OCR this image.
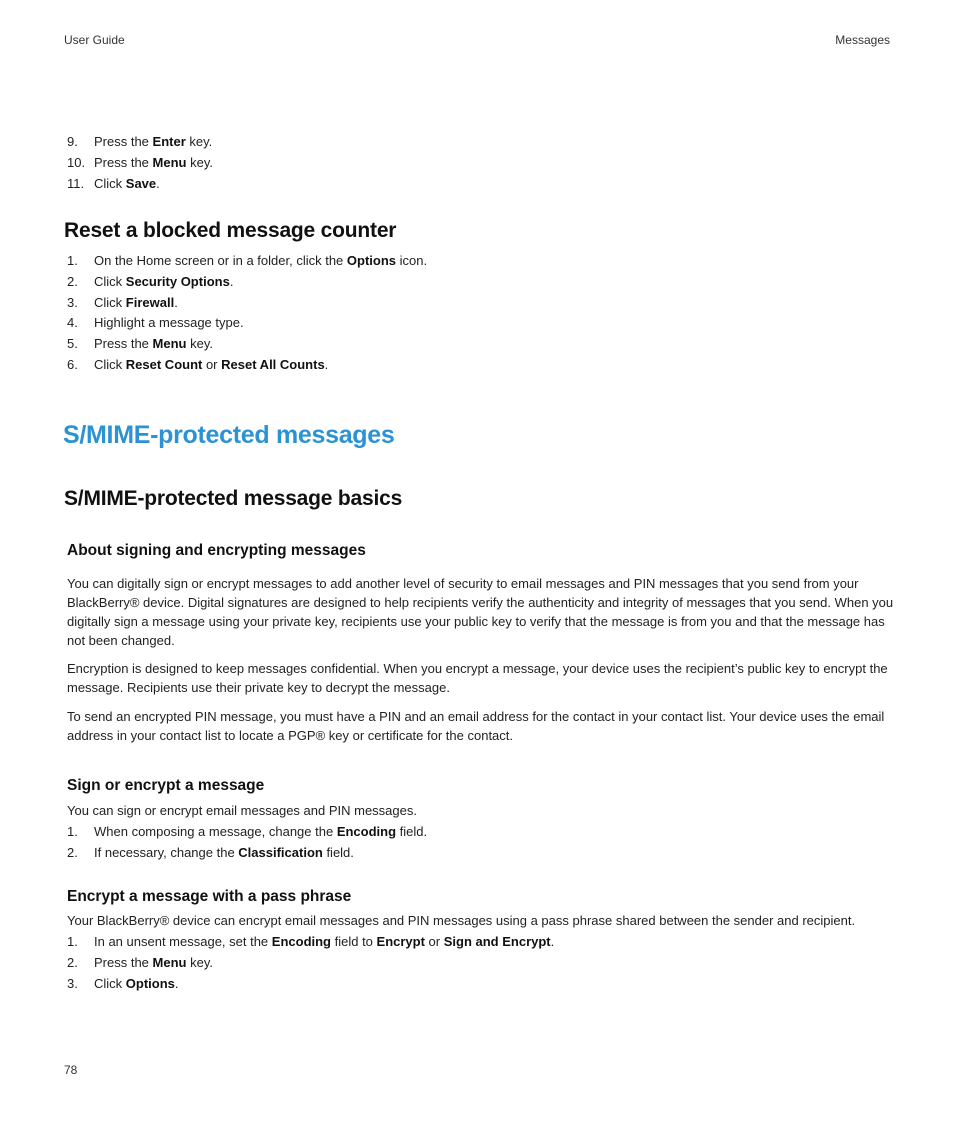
User Guide	Messages
9. Press the Enter key.
10. Press the Menu key.
11. Click Save.
Reset a blocked message counter
1. On the Home screen or in a folder, click the Options icon.
2. Click Security Options.
3. Click Firewall.
4. Highlight a message type.
5. Press the Menu key.
6. Click Reset Count or Reset All Counts.
S/MIME-protected messages
S/MIME-protected message basics
About signing and encrypting messages

You can digitally sign or encrypt messages to add another level of security to email messages and PIN messages that you send from your BlackBerry® device. Digital signatures are designed to help recipients verify the authenticity and integrity of messages that you send. When you digitally sign a message using your private key, recipients use your public key to verify that the message is from you and that the message has not been changed.

Encryption is designed to keep messages confidential. When you encrypt a message, your device uses the recipient’s public key to encrypt the message. Recipients use their private key to decrypt the message.

To send an encrypted PIN message, you must have a PIN and an email address for the contact in your contact list. Your device uses the email address in your contact list to locate a PGP® key or certificate for the contact.

Sign or encrypt a message

You can sign or encrypt email messages and PIN messages.

1. When composing a message, change the Encoding field.
2. If necessary, change the Classification field.
Encrypt a message with a pass phrase

Your BlackBerry® device can encrypt email messages and PIN messages using a pass phrase shared between the sender and recipient.

1. In an unsent message, set the Encoding field to Encrypt or Sign and Encrypt.
2. Press the Menu key.
3. Click Options.
78
